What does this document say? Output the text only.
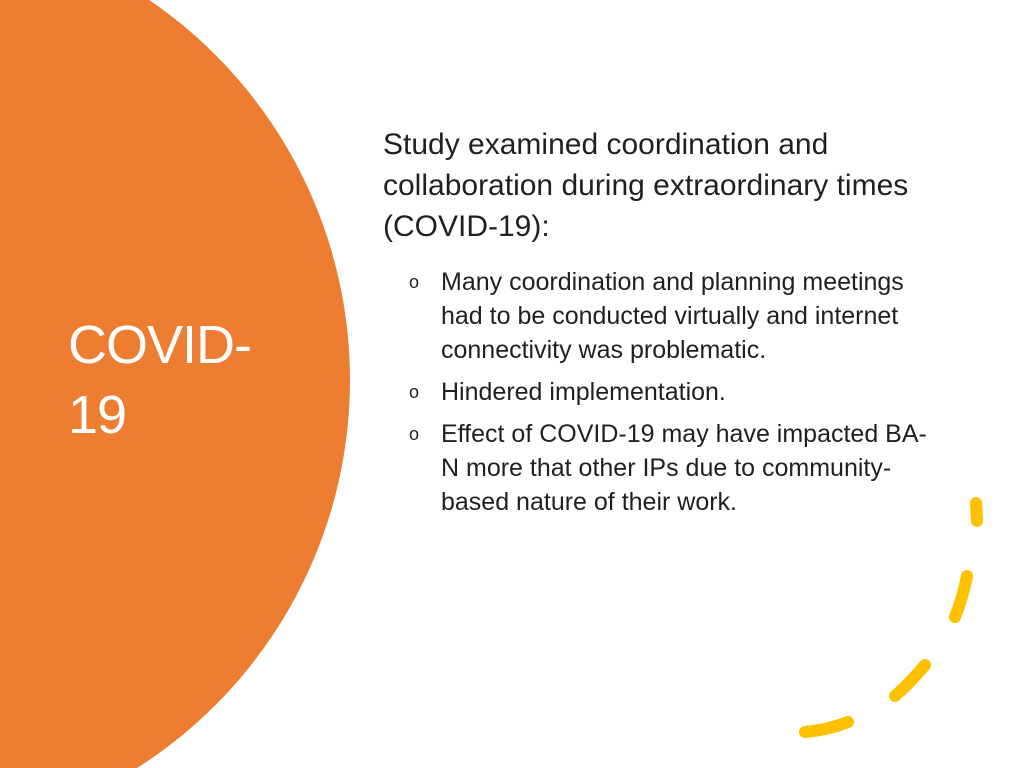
COVID-19

Study examined coordination and collaboration during extraordinary times (COVID-19):

o Many coordination and planning meetings had to be conducted virtually and internet connectivity was problematic.
o Hindered implementation.
o Effect of COVID-19 may have impacted BA-N more that other IPs due to community-based nature of their work.
